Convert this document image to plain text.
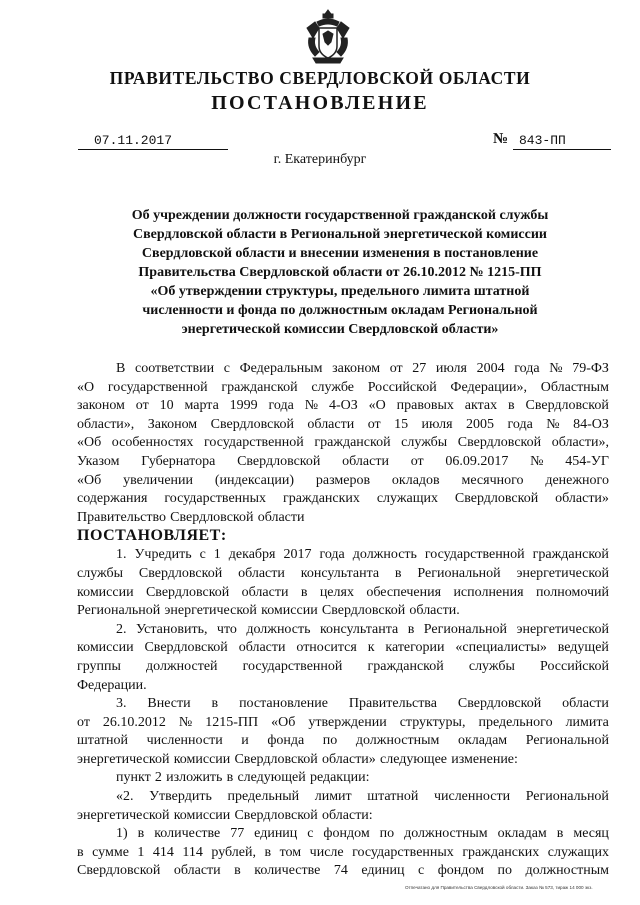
ПРАВИТЕЛЬСТВО СВЕРДЛОВСКОЙ ОБЛАСТИ
ПОСТАНОВЛЕНИЕ
07.11.2017	№ 843-ПП
г. Екатеринбург
Об учреждении должности государственной гражданской службы
Свердловской области в Региональной энергетической комиссии
Свердловской области и внесении изменения в постановление
Правительства Свердловской области от 26.10.2012 № 1215-ПП
«Об утверждении структуры, предельного лимита штатной
численности и фонда по должностным окладам Региональной
энергетической комиссии Свердловской области»
В соответствии с Федеральным законом от 27 июля 2004 года № 79-ФЗ
«О государственной гражданской службе Российской Федерации», Областным
законом от 10 марта 1999 года № 4-ОЗ «О правовых актах в Свердловской
области», Законом Свердловской области от 15 июля 2005 года № 84-ОЗ
«Об особенностях государственной гражданской службы Свердловской области»,
Указом Губернатора Свердловской области от 06.09.2017 № 454-УГ
«Об увеличении (индексации) размеров окладов месячного денежного
содержания государственных гражданских служащих Свердловской области»
Правительство Свердловской области
ПОСТАНОВЛЯЕТ:
1. Учредить с 1 декабря 2017 года должность государственной гражданской
службы Свердловской области консультанта в Региональной энергетической
комиссии Свердловской области в целях обеспечения исполнения полномочий
Региональной энергетической комиссии Свердловской области.
2. Установить, что должность консультанта в Региональной энергетической
комиссии Свердловской области относится к категории «специалисты» ведущей
группы должностей государственной гражданской службы Российской
Федерации.
3. Внести в постановление Правительства Свердловской области
от 26.10.2012 № 1215-ПП «Об утверждении структуры, предельного лимита
штатной численности и фонда по должностным окладам Региональной
энергетической комиссии Свердловской области» следующее изменение:
пункт 2 изложить в следующей редакции:
«2. Утвердить предельный лимит штатной численности Региональной
энергетической комиссии Свердловской области:
1) в количестве 77 единиц с фондом по должностным окладам в месяц
в сумме 1 414 114 рублей, в том числе государственных гражданских служащих
Свердловской области в количестве 74 единиц с фондом по должностным
Отпечатано для Правительства Свердловской области. Заказ № 573, тираж 14 000 экз.
